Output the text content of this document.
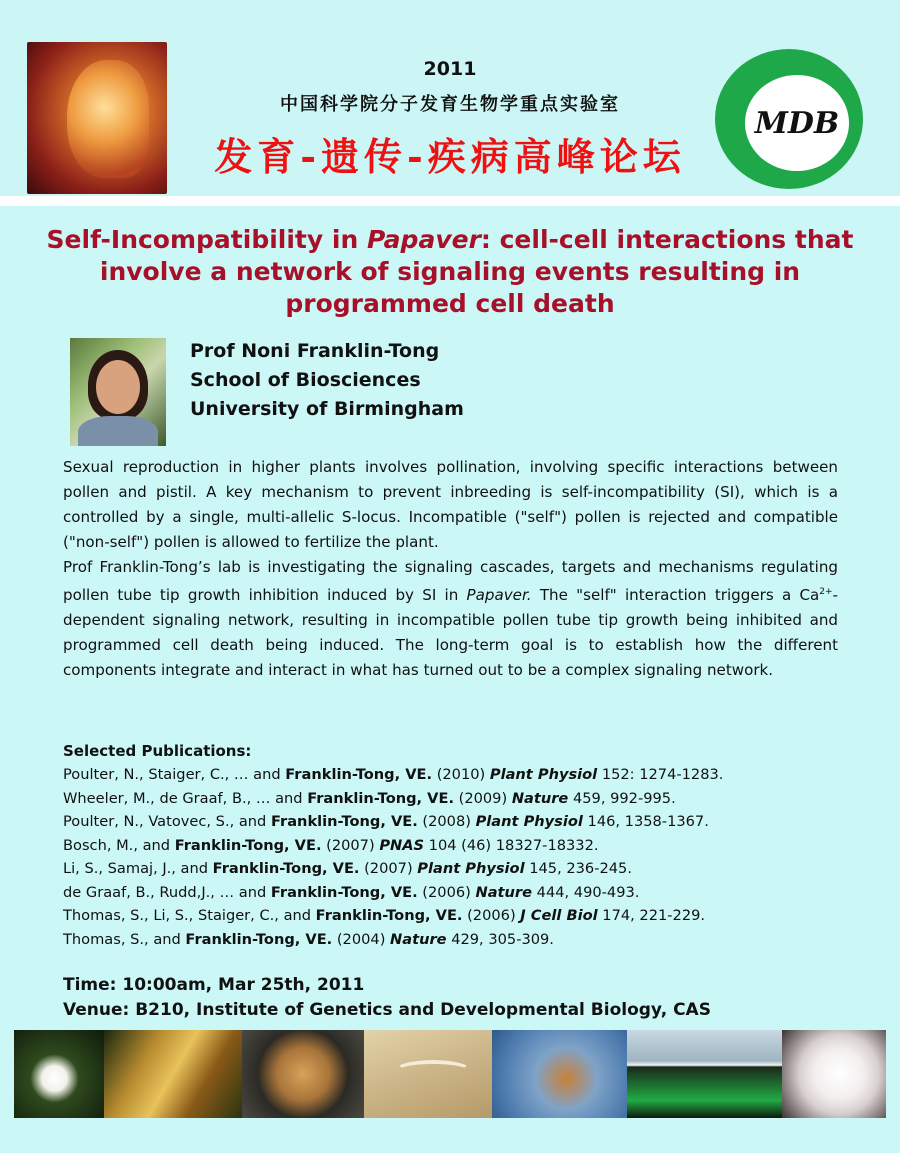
2011
中国科学院分子发育生物学重点实验室
发育-遗传-疾病高峰论坛
MDB
Self-Incompatibility in Papaver: cell-cell interactions that involve a network of signaling events resulting in programmed cell death
Prof Noni Franklin-Tong
School of Biosciences
University of Birmingham

Sexual reproduction in higher plants involves pollination, involving specific interactions between pollen and pistil. A key mechanism to prevent inbreeding is self-incompatibility (SI), which is a controlled by a single, multi-allelic S-locus. Incompatible ("self") pollen is rejected and compatible ("non-self") pollen is allowed to fertilize the plant.

Prof Franklin-Tong’s lab is investigating the signaling cascades, targets and mechanisms regulating pollen tube tip growth inhibition induced by SI in Papaver. The "self" interaction triggers a $Ca^{2+}$-dependent signaling network, resulting in incompatible pollen tube tip growth being inhibited and programmed cell death being induced. The long-term goal is to establish how the different components integrate and interact in what has turned out to be a complex signaling network.

Selected Publications:
Poulter, N., Staiger, C., … and Franklin-Tong, VE. (2010) Plant Physiol 152: 1274-1283.
Wheeler, M., de Graaf, B., … and Franklin-Tong, VE. (2009) Nature 459, 992-995.
Poulter, N., Vatovec, S., and Franklin-Tong, VE. (2008) Plant Physiol 146, 1358-1367.
Bosch, M., and Franklin-Tong, VE. (2007) PNAS 104 (46) 18327-18332.
Li, S., Samaj, J., and Franklin-Tong, VE. (2007) Plant Physiol 145, 236-245.
de Graaf, B., Rudd,J., … and Franklin-Tong, VE. (2006) Nature 444, 490-493.
Thomas, S., Li, S., Staiger, C., and Franklin-Tong, VE. (2006) J Cell Biol 174, 221-229.
Thomas, S., and Franklin-Tong, VE. (2004) Nature 429, 305-309.
Time: 10:00am, Mar 25th, 2011
Venue: B210, Institute of Genetics and Developmental Biology, CAS
